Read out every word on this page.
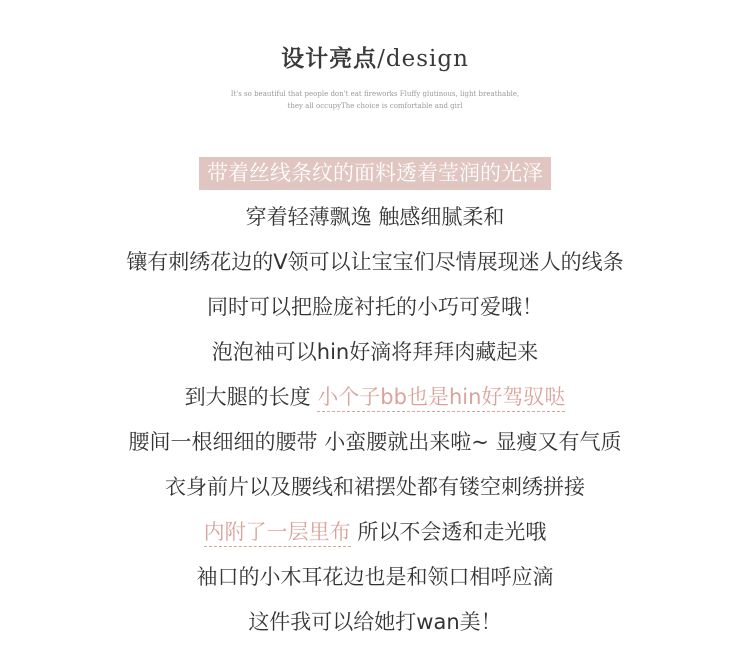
设计亮点/design
It's so beautiful that people don't eat fireworks Fluffy glutinous, light breathable,
they all occupyThe choice is comfortable and girl
带着丝线条纹的面料透着莹润的光泽
穿着轻薄飘逸 触感细腻柔和
镶有刺绣花边的V领可以让宝宝们尽情展现迷人的线条
同时可以把脸庞衬托的小巧可爱哦！
泡泡袖可以hin好滴将拜拜肉藏起来
到大腿的长度 小个子bb也是hin好驾驭哒
腰间一根细细的腰带 小蛮腰就出来啦~ 显瘦又有气质
衣身前片以及腰线和裙摆处都有镂空刺绣拼接
内附了一层里布 所以不会透和走光哦
袖口的小木耳花边也是和领口相呼应滴
这件我可以给她打wan美！
